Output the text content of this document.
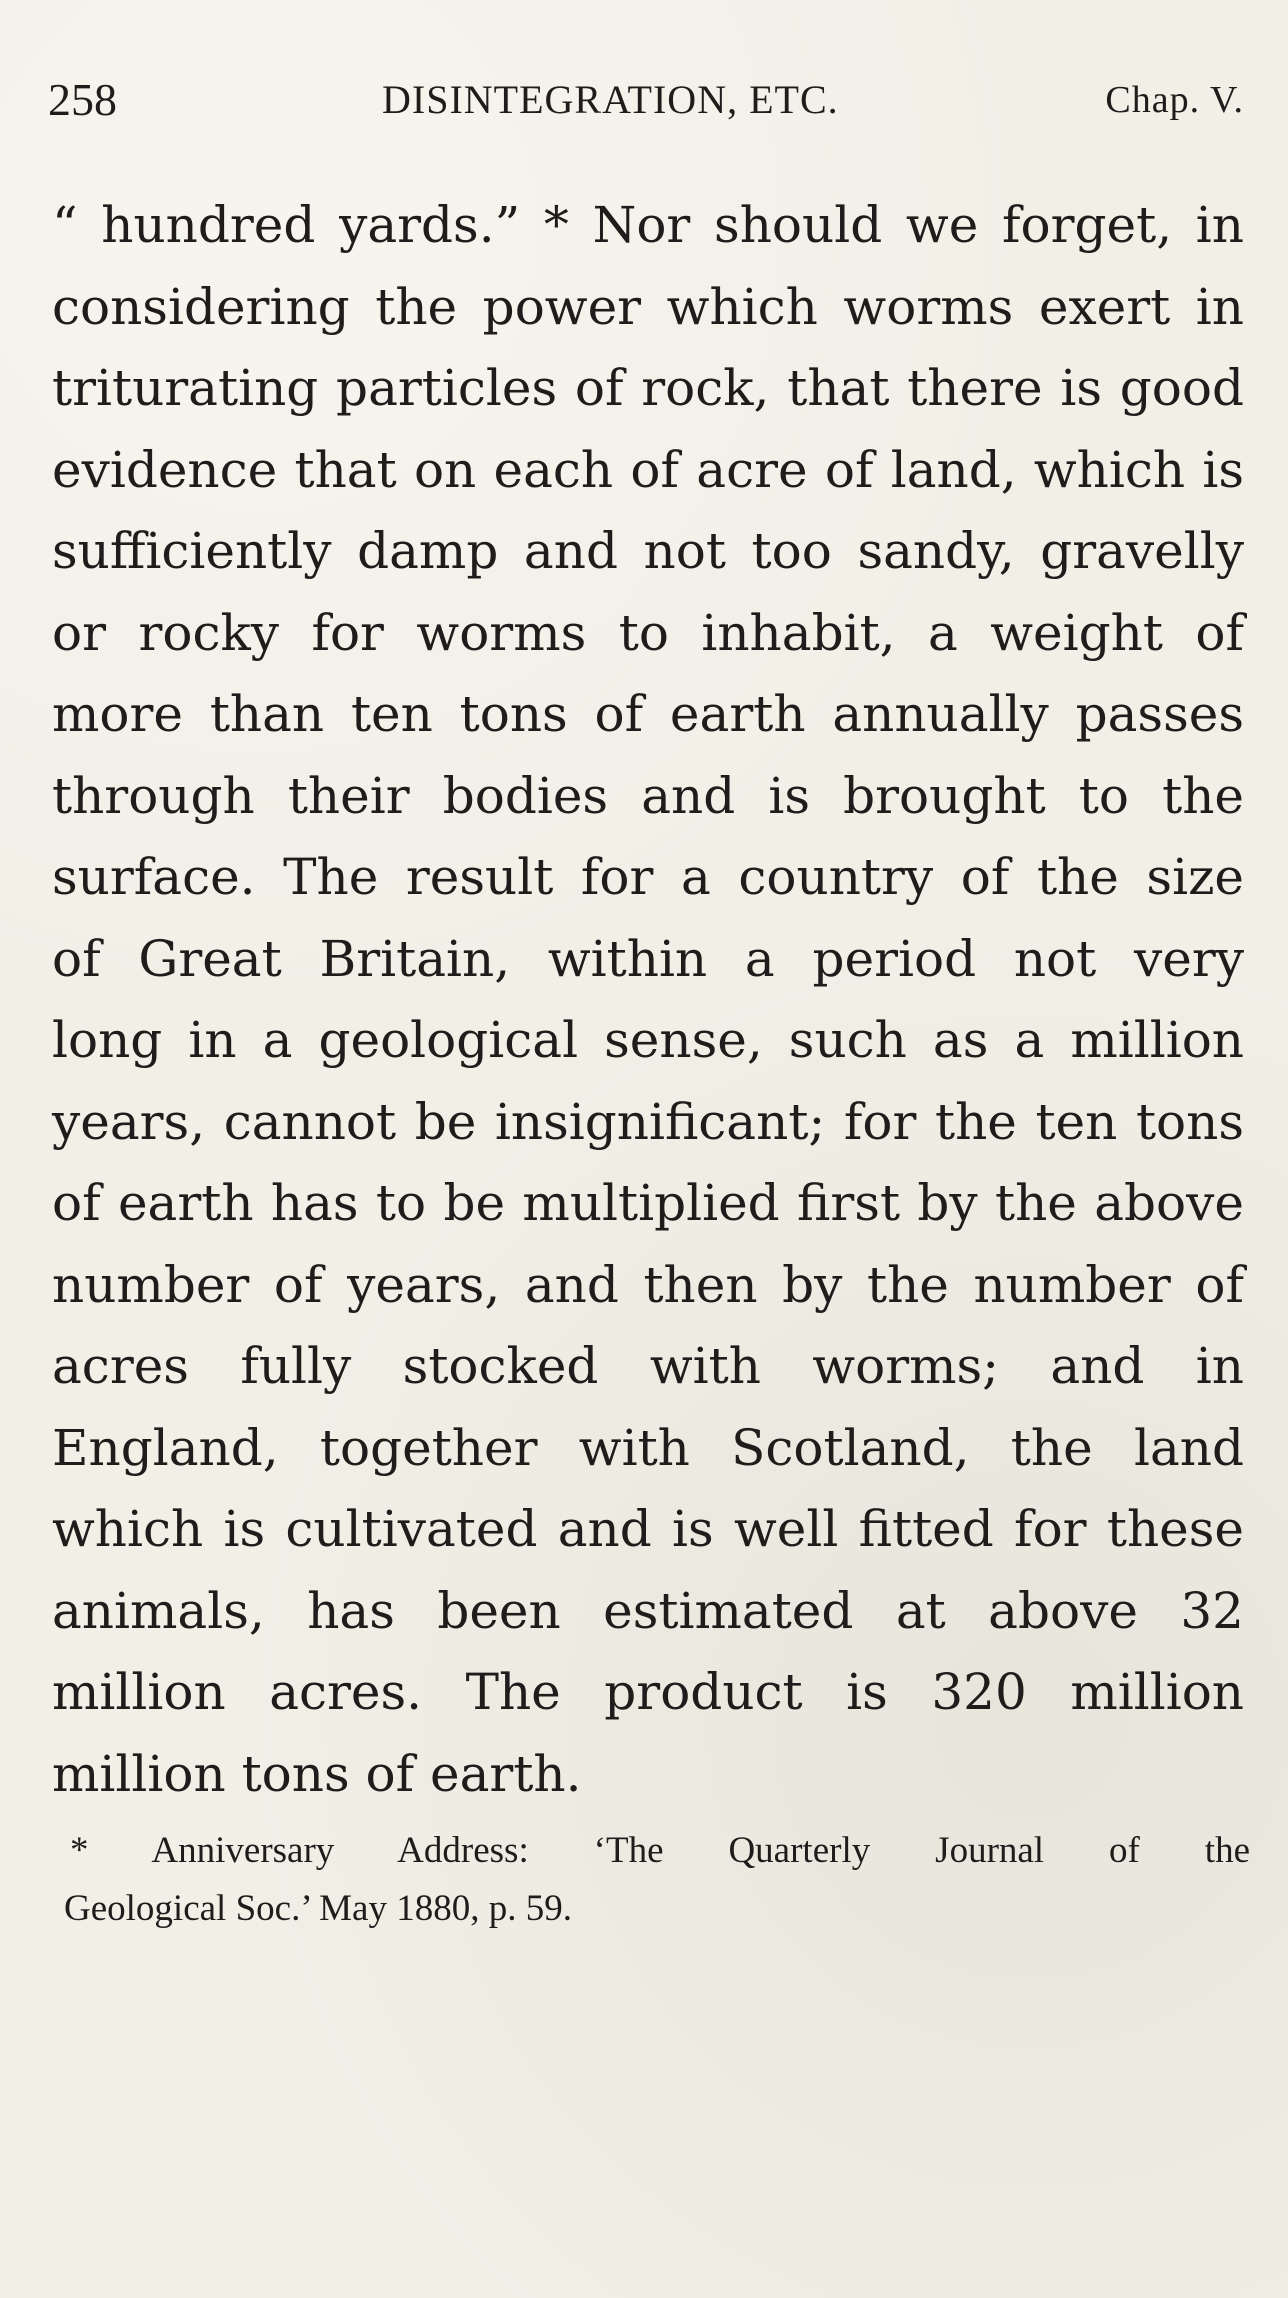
258	DISINTEGRATION, ETC.	Chap. V.
“ hundred yards.” * Nor should we forget, in
considering the power which worms exert in
triturating particles of rock, that there is good
evidence that on each of acre of land, which is
sufficiently damp and not too sandy, gravelly
or rocky for worms to inhabit, a weight of
more than ten tons of earth annually passes
through their bodies and is brought to the
surface. The result for a country of the size
of Great Britain, within a period not very
long in a geological sense, such as a million
years, cannot be insignificant; for the ten tons
of earth has to be multiplied first by the above
number of years, and then by the number of
acres fully stocked with worms; and in
England, together with Scotland, the land
which is cultivated and is well fitted for these
animals, has been estimated at above 32
million acres. The product is 320 million
million tons of earth.
* Anniversary Address: ‘The Quarterly Journal of the
Geological Soc.’ May 1880, p. 59.
